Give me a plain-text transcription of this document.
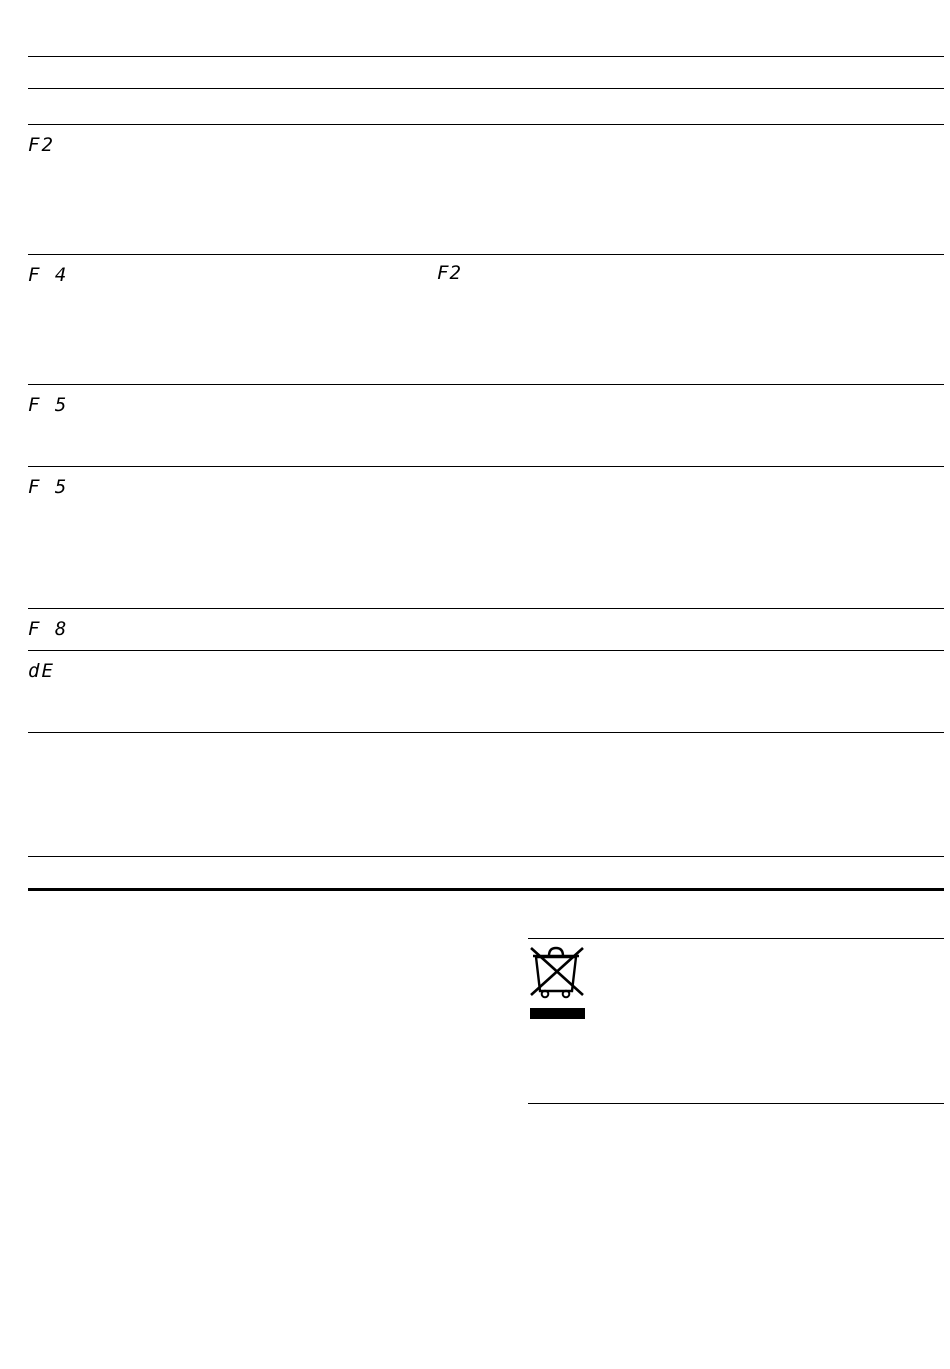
F2
F 4
F 5
F 5
F 8
dE
F2
